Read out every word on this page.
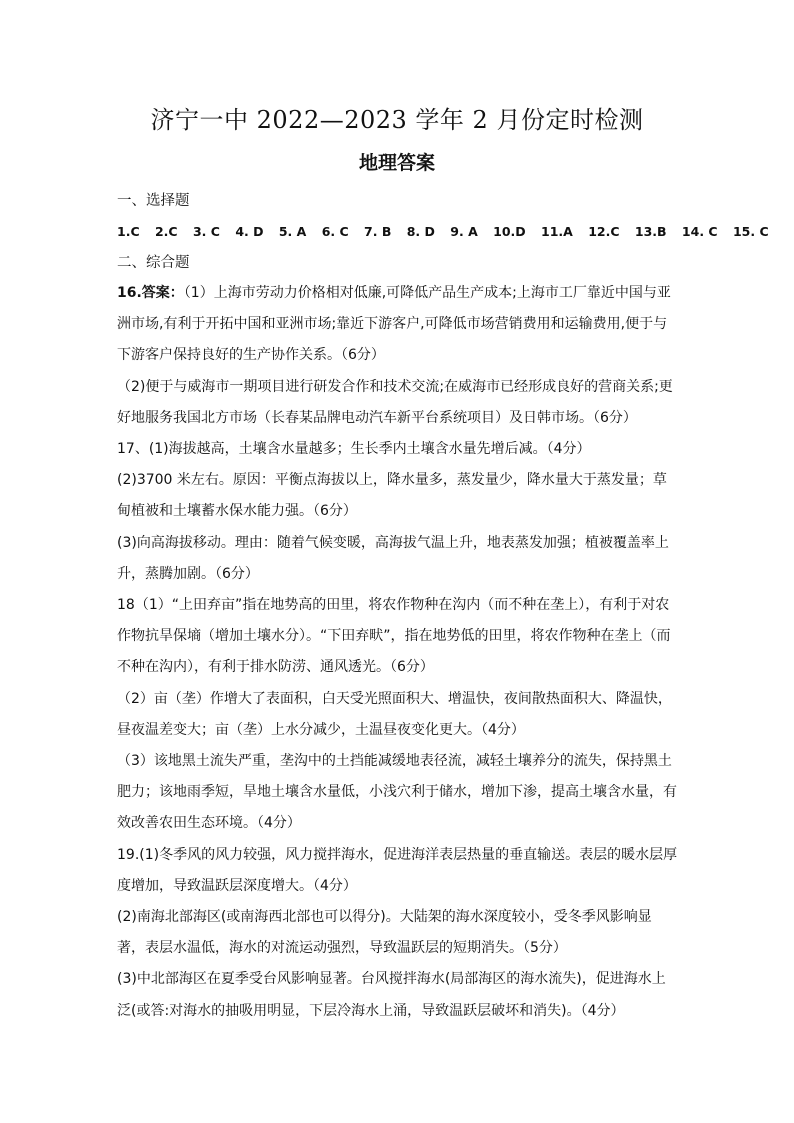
济宁一中 2022—2023 学年 2 月份定时检测
地理答案
一、选择题
1.C 2.C 3. C 4. D 5. A 6. C 7. B 8. D 9. A 10.D 11.A 12.C 13.B 14. C 15. C
二、综合题

16.答案：（1）上海市劳动力价格相对低廉,可降低产品生产成本;上海市工厂靠近中国与亚洲市场,有利于开拓中国和亚洲市场;靠近下游客户,可降低市场营销费用和运输费用,便于与下游客户保持良好的生产协作关系。（6分）

（2)便于与威海市一期项目进行研发合作和技术交流;在威海市已经形成良好的营商关系;更好地服务我国北方市场（长春某品牌电动汽车新平台系统项目）及日韩市场。（6分）

17、(1)海拔越高，土壤含水量越多；生长季内土壤含水量先增后减。（4分）

(2)3700 米左右。原因：平衡点海拔以上，降水量多，蒸发量少，降水量大于蒸发量；草甸植被和土壤蓄水保水能力强。（6分）

(3)向高海拔移动。理由：随着气候变暖，高海拔气温上升，地表蒸发加强；植被覆盖率上升，蒸腾加剧。（6分）

18（1）“上田弃亩”指在地势高的田里，将农作物种在沟内（而不种在垄上），有利于对农作物抗旱保墒（增加土壤水分）。“下田弃畎”，指在地势低的田里，将农作物种在垄上（而不种在沟内），有利于排水防涝、通风透光。（6分）

（2）亩（垄）作增大了表面积，白天受光照面积大、增温快，夜间散热面积大、降温快，昼夜温差变大；亩（垄）上水分减少，土温昼夜变化更大。（4分）

（3）该地黑土流失严重，垄沟中的土挡能减缓地表径流，减轻土壤养分的流失，保持黑土肥力；该地雨季短，旱地土壤含水量低，小浅穴利于储水，增加下渗，提高土壤含水量，有效改善农田生态环境。（4分）

19.(1)冬季风的风力较强，风力搅拌海水，促进海洋表层热量的垂直输送。表层的暖水层厚度增加，导致温跃层深度增大。（4分）

(2)南海北部海区(或南海西北部也可以得分)。大陆架的海水深度较小，受冬季风影响显著，表层水温低，海水的对流运动强烈，导致温跃层的短期消失。（5分）

(3)中北部海区在夏季受台风影响显著。台风搅拌海水(局部海区的海水流失)，促进海水上泛(或答:对海水的抽吸用明显，下层冷海水上涌，导致温跃层破坏和消失)。（4分）
